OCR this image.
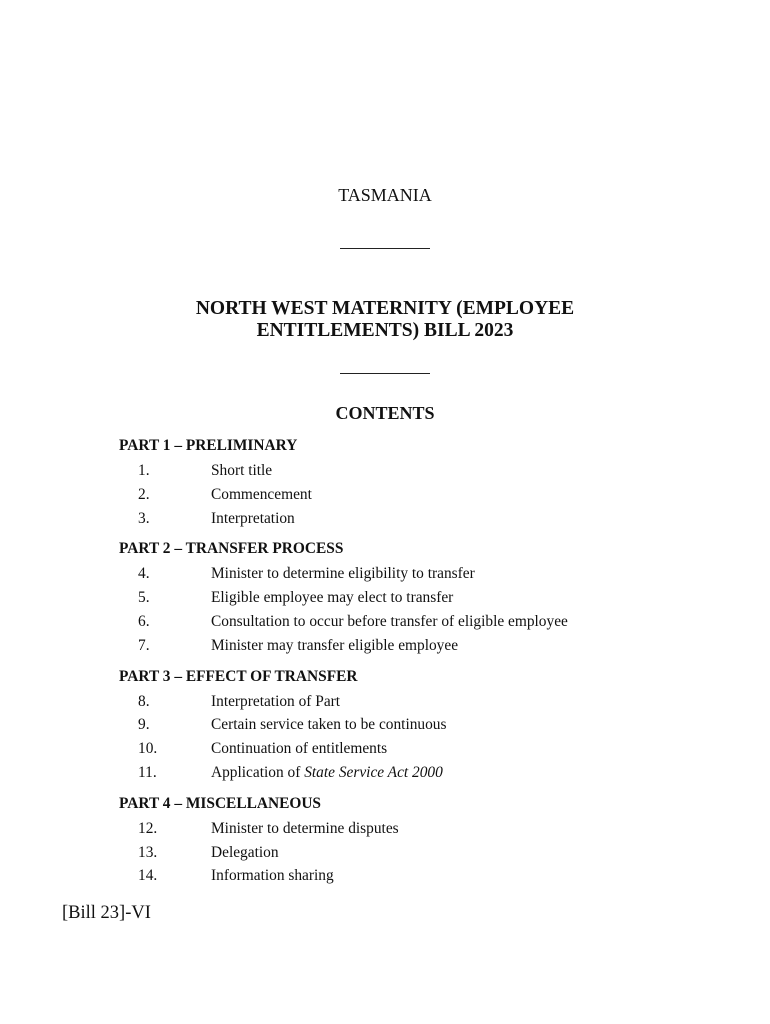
TASMANIA
NORTH WEST MATERNITY (EMPLOYEE
ENTITLEMENTS) BILL 2023
CONTENTS
PART 1 – PRELIMINARY
1.	Short title
2.	Commencement
3.	Interpretation
PART 2 – TRANSFER PROCESS
4.	Minister to determine eligibility to transfer
5.	Eligible employee may elect to transfer
6.	Consultation to occur before transfer of eligible employee
7.	Minister may transfer eligible employee
PART 3 – EFFECT OF TRANSFER
8.	Interpretation of Part
9.	Certain service taken to be continuous
10.	Continuation of entitlements
11.	Application of State Service Act 2000
PART 4 – MISCELLANEOUS
12.	Minister to determine disputes
13.	Delegation
14.	Information sharing
[Bill 23]-VI
